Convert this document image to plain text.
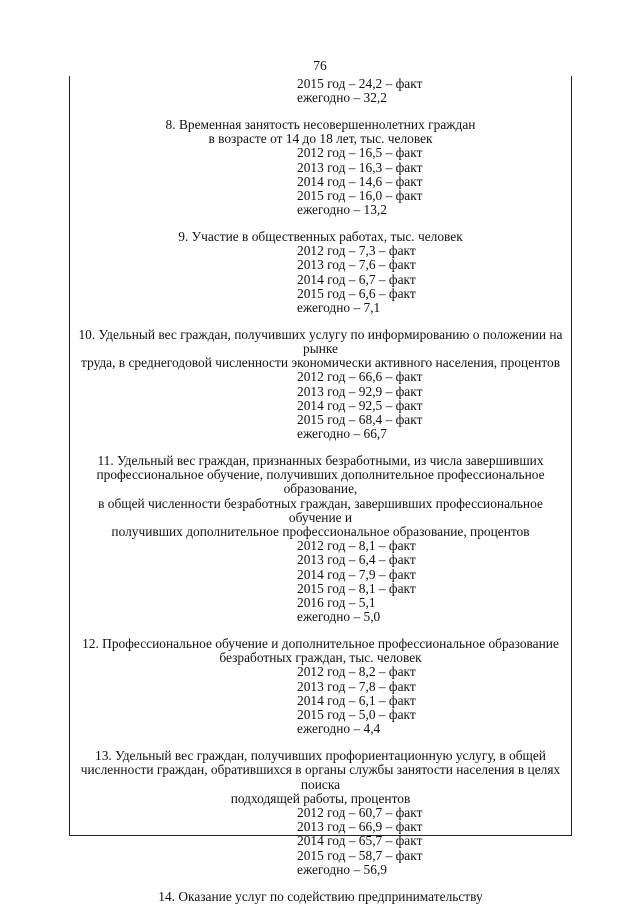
76
2015 год – 24,2 – факт
ежегодно – 32,2
8. Временная занятость несовершеннолетних граждан
в возрасте от 14 до 18 лет, тыс. человек
2012 год – 16,5 – факт
2013 год – 16,3 – факт
2014 год – 14,6 – факт
2015 год – 16,0 – факт
ежегодно – 13,2
9. Участие в общественных работах, тыс. человек
2012 год – 7,3 – факт
2013 год – 7,6 – факт
2014 год – 6,7 – факт
2015 год – 6,6 – факт
ежегодно – 7,1
10. Удельный вес граждан, получивших услугу по информированию о положении на рынке
труда, в среднегодовой численности экономически активного населения, процентов
2012 год – 66,6 – факт
2013 год – 92,9 – факт
2014 год – 92,5 – факт
2015 год – 68,4 – факт
ежегодно – 66,7
11. Удельный вес граждан, признанных безработными, из числа завершивших
профессиональное обучение, получивших дополнительное профессиональное образование,
в общей численности безработных граждан, завершивших профессиональное обучение и
получивших дополнительное профессиональное образование, процентов
2012 год – 8,1 – факт
2013 год – 6,4 – факт
2014 год – 7,9 – факт
2015 год – 8,1 – факт
2016 год – 5,1
ежегодно – 5,0
12. Профессиональное обучение и дополнительное профессиональное образование
безработных граждан, тыс. человек
2012 год – 8,2 – факт
2013 год – 7,8 – факт
2014 год – 6,1 – факт
2015 год – 5,0 – факт
ежегодно – 4,4
13. Удельный вес граждан, получивших профориентационную услугу, в общей
численности граждан, обратившихся в органы службы занятости населения в целях поиска
подходящей работы, процентов
2012 год – 60,7 – факт
2013 год – 66,9 – факт
2014 год – 65,7 – факт
2015 год – 58,7 – факт
ежегодно – 56,9
14. Оказание услуг по содействию предпринимательству
